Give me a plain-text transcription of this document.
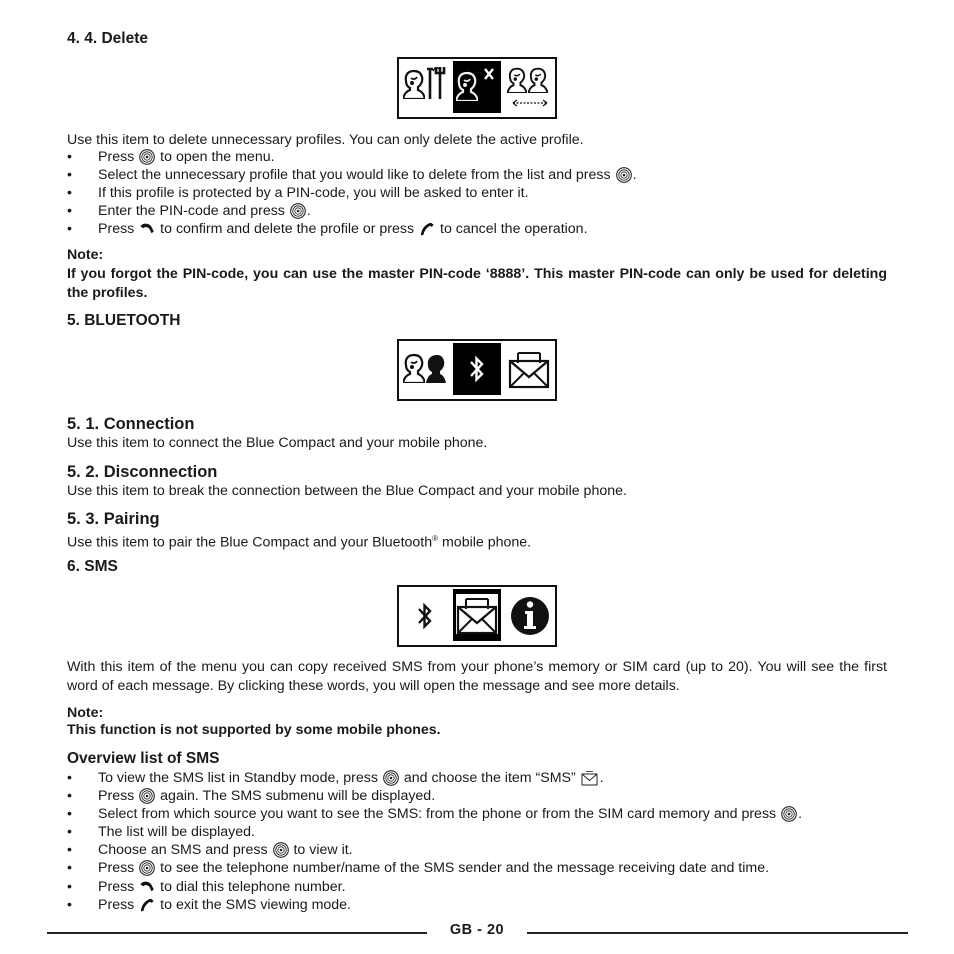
4. 4. Delete
Use this item to delete unnecessary profiles. You can only delete the active profile.
• Press to open the menu.
• Select the unnecessary profile that you would like to delete from the list and press .
• If this profile is protected by a PIN-code, you will be asked to enter it.
• Enter the PIN-code and press .
• Press to confirm and delete the profile or press to cancel the operation.
Note:
If you forgot the PIN-code, you can use the master PIN-code ‘8888’. This master PIN-code can only be used for deleting the profiles.
5. BLUETOOTH
5. 1. Connection
Use this item to connect the Blue Compact and your mobile phone.
5. 2. Disconnection
Use this item to break the connection between the Blue Compact and your mobile phone.
5. 3. Pairing
Use this item to pair the Blue Compact and your Bluetooth® mobile phone.
6. SMS
With this item of the menu you can copy received SMS from your phone’s memory or SIM card (up to 20). You will see the first word of each message. By clicking these words, you will open the message and see more details.
Note:
This function is not supported by some mobile phones.
Overview list of SMS
• To view the SMS list in Standby mode, press and choose the item “SMS” .
• Press again. The SMS submenu will be displayed.
• Select from which source you want to see the SMS: from the phone or from the SIM card memory and press .
• The list will be displayed.
• Choose an SMS and press to view it.
• Press to see the telephone number/name of the SMS sender and the message receiving date and time.
• Press to dial this telephone number.
• Press to exit the SMS viewing mode.
GB - 20
